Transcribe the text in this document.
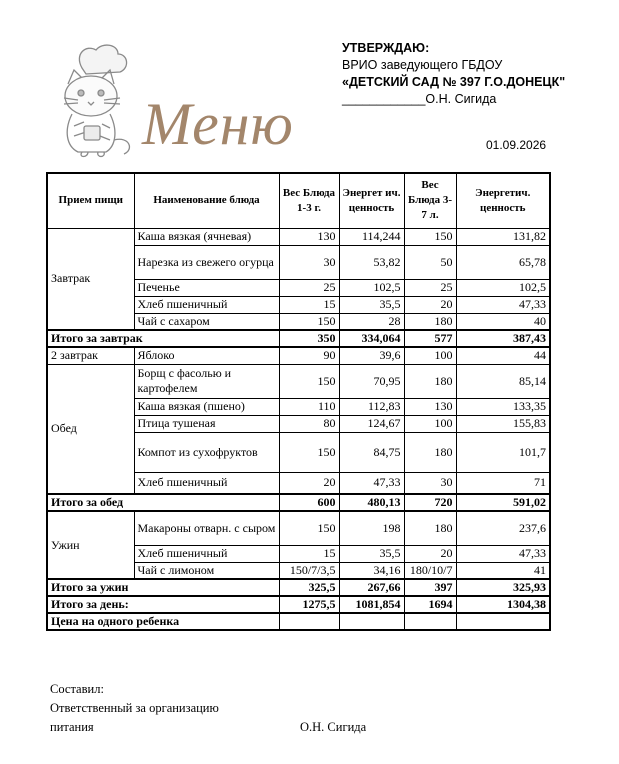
Меню
УТВЕРЖДАЮ:
ВРИО заведующего ГБДОУ
«ДЕТСКИЙ САД № 397 Г.О.ДОНЕЦК"
____________О.Н. Сигида
01.09.2026
Прием пищи	Наименование блюда	Вес Блюда 1-3 г.	Энергет ич. ценность	Вес Блюда 3-7 л.	Энергетич. ценность
Завтрак	Каша вязкая (ячневая)	130	114,244	150	131,82
	Нарезка из свежего огурца	30	53,82	50	65,78
	Печенье	25	102,5	25	102,5
	Хлеб пшеничный	15	35,5	20	47,33
	Чай с сахаром	150	28	180	40
Итого за завтрак		350	334,064	577	387,43
2 завтрак	Яблоко	90	39,6	100	44
Обед	Борщ с фасолью и картофелем	150	70,95	180	85,14
	Каша вязкая (пшено)	110	112,83	130	133,35
	Птица тушеная	80	124,67	100	155,83
	Компот из сухофруктов	150	84,75	180	101,7
	Хлеб пшеничный	20	47,33	30	71
Итого за обед		600	480,13	720	591,02
Ужин	Макароны отварн. с сыром	150	198	180	237,6
	Хлеб пшеничный	15	35,5	20	47,33
	Чай с лимоном	150/7/3,5	34,16	180/10/7	41
Итого за ужин		325,5	267,66	397	325,93
Итого за день:		1275,5	1081,854	1694	1304,38
Цена на одного ребенка					
Составил:
Ответственный за организацию
питания	О.Н. Сигида
